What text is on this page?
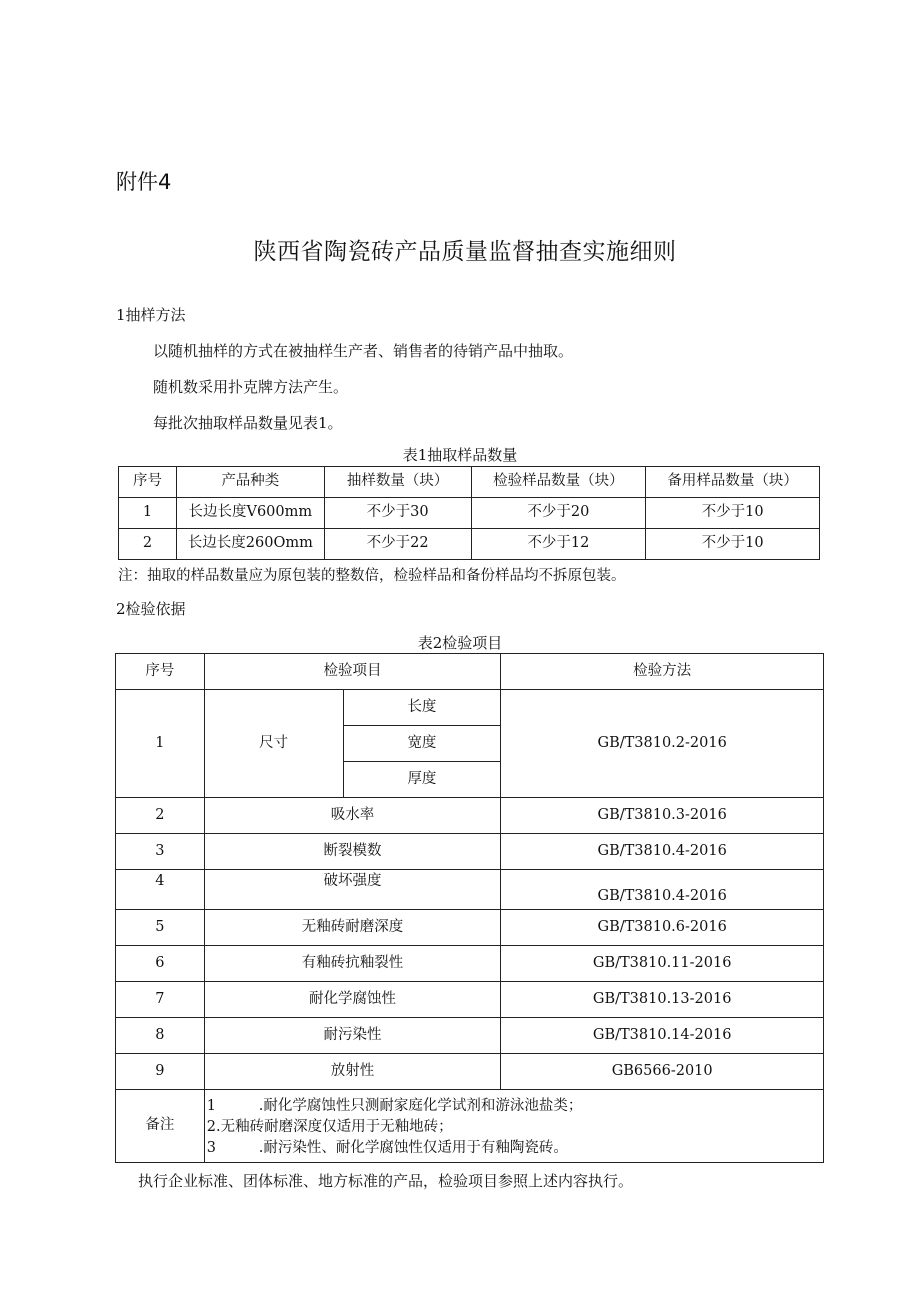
附件4
陕西省陶瓷砖产品质量监督抽查实施细则
1抽样方法
以随机抽样的方式在被抽样生产者、销售者的待销产品中抽取。
随机数采用扑克牌方法产生。
每批次抽取样品数量见表1。
表1抽取样品数量
序号	产品种类	抽样数量（块）	检验样品数量（块）	备用样品数量（块）
1	长边长度V600mm	不少于30	不少于20	不少于10
2	长边长度260Omm	不少于22	不少于12	不少于10
注：抽取的样品数量应为原包装的整数倍，检验样品和备份样品均不拆原包装。
2检验依据
表2检验项目
序号	检验项目		检验方法
1	尺寸	长度	GB/T3810.2-2016
		宽度	
		厚度	
2	吸水率		GB/T3810.3-2016
3	断裂模数		GB/T3810.4-2016
4	破坏强度		GB/T3810.4-2016
5	无釉砖耐磨深度		GB/T3810.6-2016
6	有釉砖抗釉裂性		GB/T3810.11-2016
7	耐化学腐蚀性		GB/T3810.13-2016
8	耐污染性		GB/T3810.14-2016
9	放射性		GB6566-2010
备注	1 .耐化学腐蚀性只测耐家庭化学试剂和游泳池盐类；
2.无釉砖耐磨深度仅适用于无釉地砖；
3 .耐污染性、耐化学腐蚀性仅适用于有釉陶瓷砖。		
执行企业标准、团体标准、地方标准的产品，检验项目参照上述内容执行。
